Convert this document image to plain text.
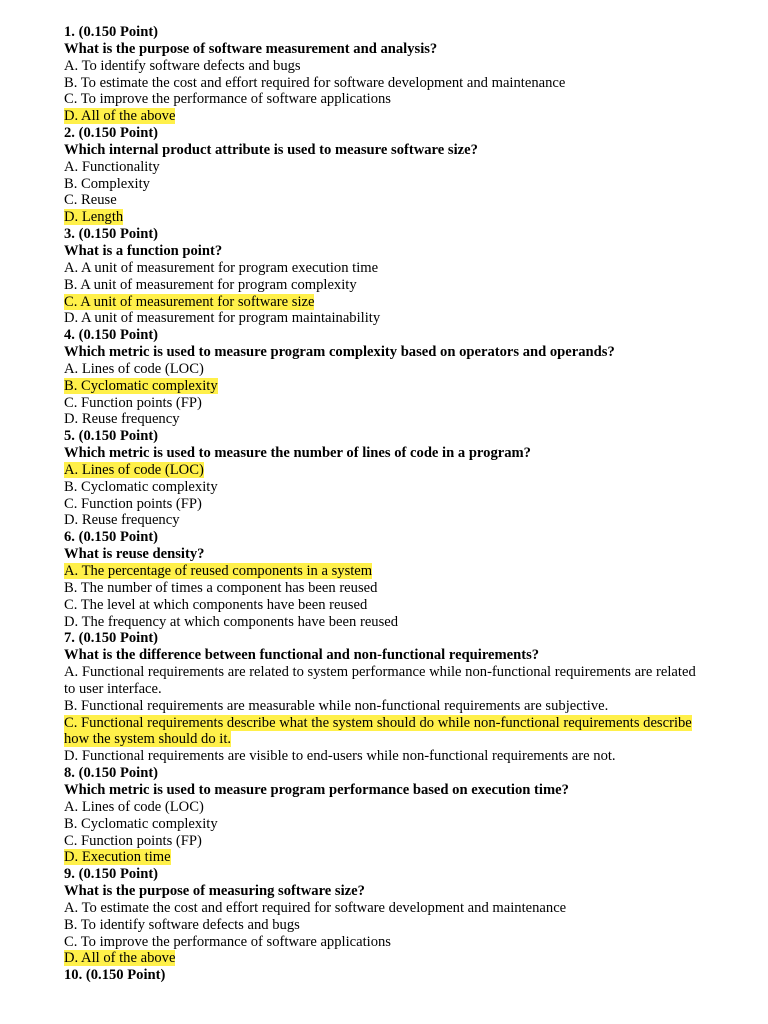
1. (0.150 Point)
What is the purpose of software measurement and analysis?
A. To identify software defects and bugs
B. To estimate the cost and effort required for software development and maintenance
C. To improve the performance of software applications
D. All of the above
2. (0.150 Point)
Which internal product attribute is used to measure software size?
A. Functionality
B. Complexity
C. Reuse
D. Length
3. (0.150 Point)
What is a function point?
A. A unit of measurement for program execution time
B. A unit of measurement for program complexity
C. A unit of measurement for software size
D. A unit of measurement for program maintainability
4. (0.150 Point)
Which metric is used to measure program complexity based on operators and operands?
A. Lines of code (LOC)
B. Cyclomatic complexity
C. Function points (FP)
D. Reuse frequency
5. (0.150 Point)
Which metric is used to measure the number of lines of code in a program?
A. Lines of code (LOC)
B. Cyclomatic complexity
C. Function points (FP)
D. Reuse frequency
6. (0.150 Point)
What is reuse density?
A. The percentage of reused components in a system
B. The number of times a component has been reused
C. The level at which components have been reused
D. The frequency at which components have been reused
7. (0.150 Point)
What is the difference between functional and non-functional requirements?
A. Functional requirements are related to system performance while non-functional requirements are related to user interface.
B. Functional requirements are measurable while non-functional requirements are subjective.
C. Functional requirements describe what the system should do while non-functional requirements describe how the system should do it.
D. Functional requirements are visible to end-users while non-functional requirements are not.
8. (0.150 Point)
Which metric is used to measure program performance based on execution time?
A. Lines of code (LOC)
B. Cyclomatic complexity
C. Function points (FP)
D. Execution time
9. (0.150 Point)
What is the purpose of measuring software size?
A. To estimate the cost and effort required for software development and maintenance
B. To identify software defects and bugs
C. To improve the performance of software applications
D. All of the above
10. (0.150 Point)
